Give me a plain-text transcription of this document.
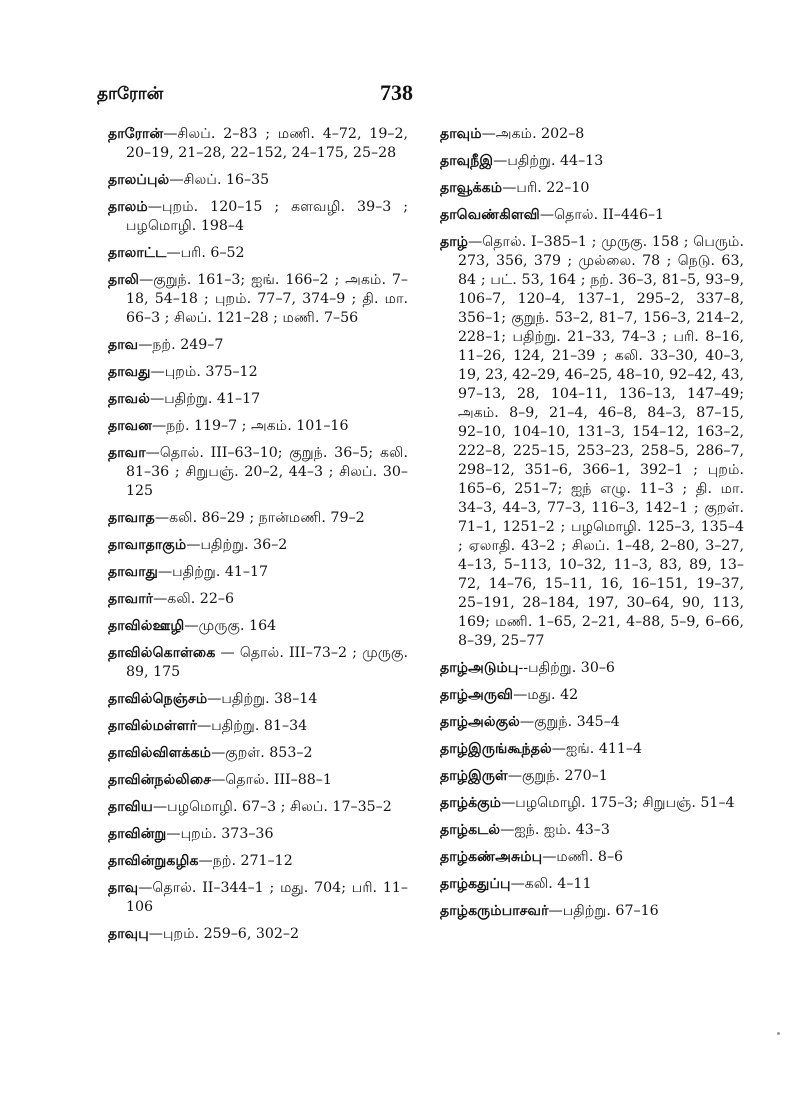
தாரோன்	738

தாரோன்—சிலப். 2–83 ; மணி. 4–72, 19–2, 20–19, 21–28, 22–152, 24–175, 25–28

தாலப்புல்—சிலப். 16–35

தாலம்—புறம். 120–15 ; களவழி. 39–3 ; பழமொழி. 198–4

தாலாட்ட—பரி. 6–52

தாலி—குறுந். 161–3; ஐங். 166–2 ; அகம். 7–18, 54–18 ; புறம். 77–7, 374–9 ; தி. மா. 66–3 ; சிலப். 121–28 ; மணி. 7–56

தாவ—நற். 249–7

தாவது—புறம். 375–12

தாவல்—பதிற்று. 41–17

தாவன—நற். 119–7 ; அகம். 101–16

தாவா—தொல். III–63–10; குறுந். 36–5; கலி. 81–36 ; சிறுபஞ். 20–2, 44–3 ; சிலப். 30–125

தாவாத—கலி. 86–29 ; நான்மணி. 79–2

தாவாதாகும்—பதிற்று. 36–2

தாவாது—பதிற்று. 41–17

தாவார்—கலி. 22–6

தாவில்ஊழி—முருகு. 164

தாவில்கொள்கை — தொல். III–73–2 ; முருகு. 89, 175

தாவில்நெஞ்சம்—பதிற்று. 38–14

தாவில்மள்ளர்—பதிற்று. 81–34

தாவில்விளக்கம்—குறள். 853–2

தாவின்நல்லிசை—தொல். III–88–1

தாவிய—பழமொழி. 67–3 ; சிலப். 17–35–2

தாவின்று—புறம். 373–36

தாவின்றுகழிக—நற். 271–12

தாவு—தொல். II–344–1 ; மது. 704; பரி. 11–106

தாவுபு—புறம். 259–6, 302–2

தாவும்—அகம். 202–8

தாவுநீஇ—பதிற்று. 44–13

தாவூக்கம்—பரி. 22–10

தாவெண்கிளவி—தொல். II–446–1

தாழ்—தொல். I–385–1 ; முருகு. 158 ; பெரும். 273, 356, 379 ; முல்லை. 78 ; நெடு. 63, 84 ; பட். 53, 164 ; நற். 36–3, 81–5, 93–9, 106–7, 120–4, 137–1, 295–2, 337–8, 356–1; குறுந். 53–2, 81–7, 156–3, 214–2, 228–1; பதிற்று. 21–33, 74–3 ; பரி. 8–16, 11–26, 124, 21–39 ; கலி. 33–30, 40–3, 19, 23, 42–29, 46–25, 48–10, 92–42, 43, 97–13, 28, 104–11, 136–13, 147–49; அகம். 8–9, 21–4, 46–8, 84–3, 87–15, 92–10, 104–10, 131–3, 154–12, 163–2, 222–8, 225–15, 253–23, 258–5, 286–7, 298–12, 351–6, 366–1, 392–1 ; புறம். 165–6, 251–7; ஐந் எழு. 11–3 ; தி. மா. 34–3, 44–3, 77–3, 116–3, 142–1 ; குறள். 71–1, 1251–2 ; பழமொழி. 125–3, 135–4 ; ஏலாதி. 43–2 ; சிலப். 1–48, 2–80, 3–27, 4–13, 5–113, 10–32, 11–3, 83, 89, 13–72, 14–76, 15–11, 16, 16–151, 19–37, 25–191, 28–184, 197, 30–64, 90, 113, 169; மணி. 1–65, 2–21, 4–88, 5–9, 6–66, 8–39, 25–77

தாழ்அடும்பு--பதிற்று. 30–6

தாழ்அருவி—மது. 42

தாழ்அல்குல்—குறுந். 345–4

தாழ்இருங்கூந்தல்—ஐங். 411–4

தாழ்இருள்—குறுந். 270–1

தாழ்க்கும்—பழமொழி. 175–3; சிறுபஞ். 51–4

தாழ்கடல்—ஐந். ஐம். 43–3

தாழ்கண்அசும்பு—மணி. 8–6

தாழ்கதுப்பு—கலி. 4–11

தாழ்கரும்பாசவர்—பதிற்று. 67–16
